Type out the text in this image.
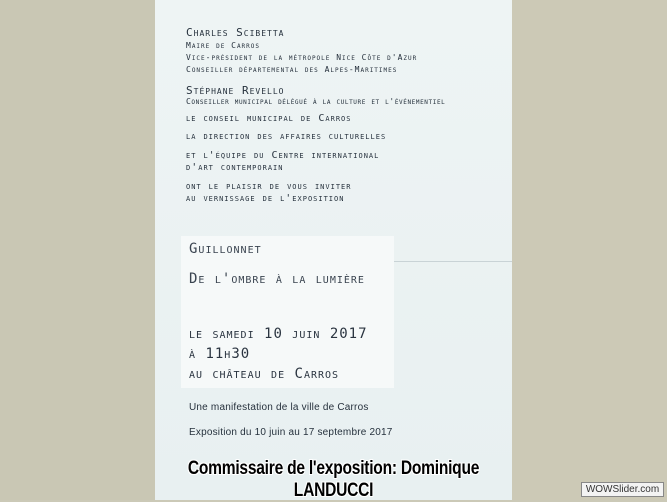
Charles Scibetta
Maire de Carros
Vice-président de la métropole Nice Côte d'Azur
Conseiller départemental des Alpes-Maritimes
Stéphane Revello
Conseiller municipal délégué à la culture et l'événementiel
le conseil municipal de Carros
la direction des affaires culturelles
et l'équipe du Centre international
d'art contemporain
ont le plaisir de vous inviter
au vernissage de l'exposition
Guillonnet
De l'ombre à la lumière
le samedi 10 juin 2017
à 11h30
au château de Carros
Une manifestation de la ville de Carros
Exposition du 10 juin au 17 septembre 2017
Commissaire de l'exposition: Dominique LANDUCCI	WOWSlider.com
